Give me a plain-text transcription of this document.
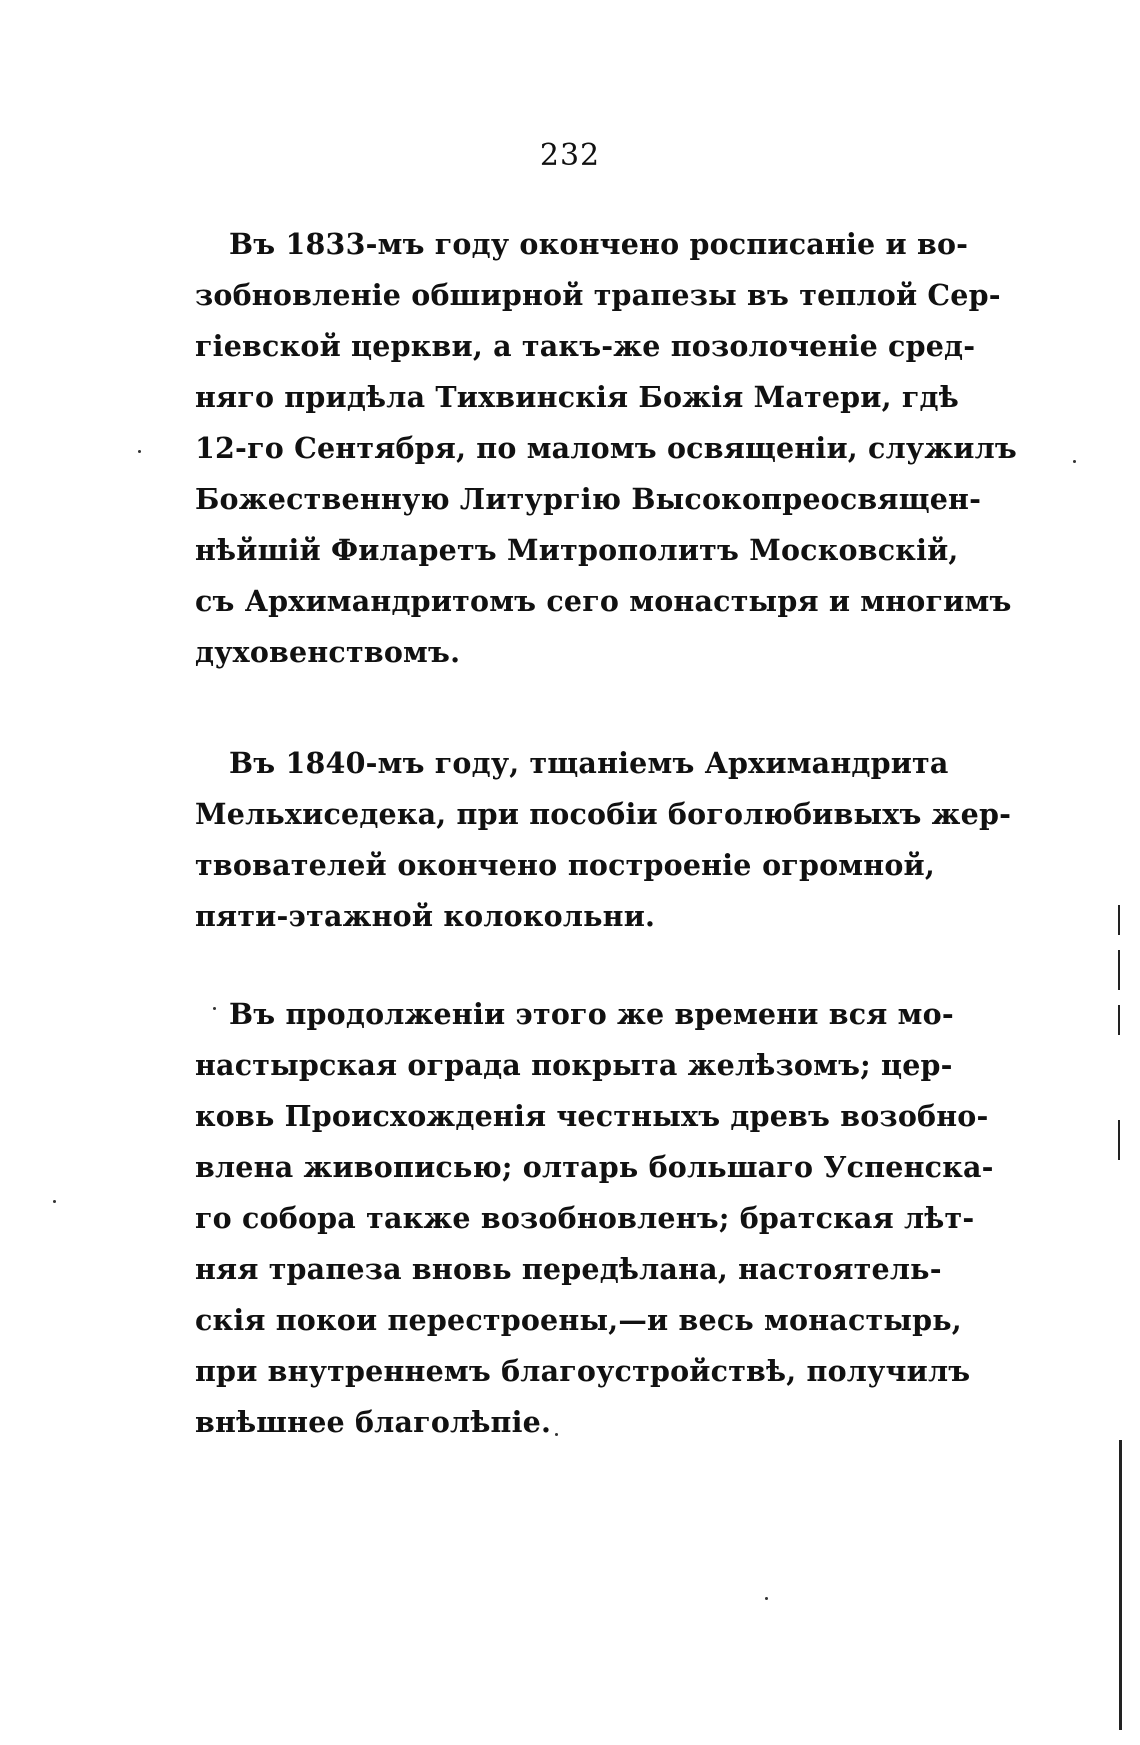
232
Въ 1833-мъ году окончено росписаніе и во-
зобновленіе обширной трапезы въ теплой Сер-
гіевской церкви, а такъ-же позолоченіе сред-
няго придѣла Тихвинскія Божія Матери, гдѣ
12-го Сентября, по маломъ освященіи, служилъ
Божественную Литургію Высокопреосвящен-
нѣйшій Филаретъ Митрополитъ Московскій,
съ Архимандритомъ сего монастыря и многимъ
духовенствомъ.
Въ 1840-мъ году, тщаніемъ Архимандрита
Мельхиседека, при пособіи боголюбивыхъ жер-
твователей окончено построеніе огромной,
пяти-этажной колокольни.
Въ продолженіи этого же времени вся мо-
настырская ограда покрыта желѣзомъ; цер-
ковь Происхожденія честныхъ древъ возобно-
влена живописью; олтарь большаго Успенска-
го собора также возобновленъ; братская лѣт-
няя трапеза вновь передѣлана, настоятель-
скія покои перестроены,—и весь монастырь,
при внутреннемъ благоустройствѣ, получилъ
внѣшнее благолѣпіе.
